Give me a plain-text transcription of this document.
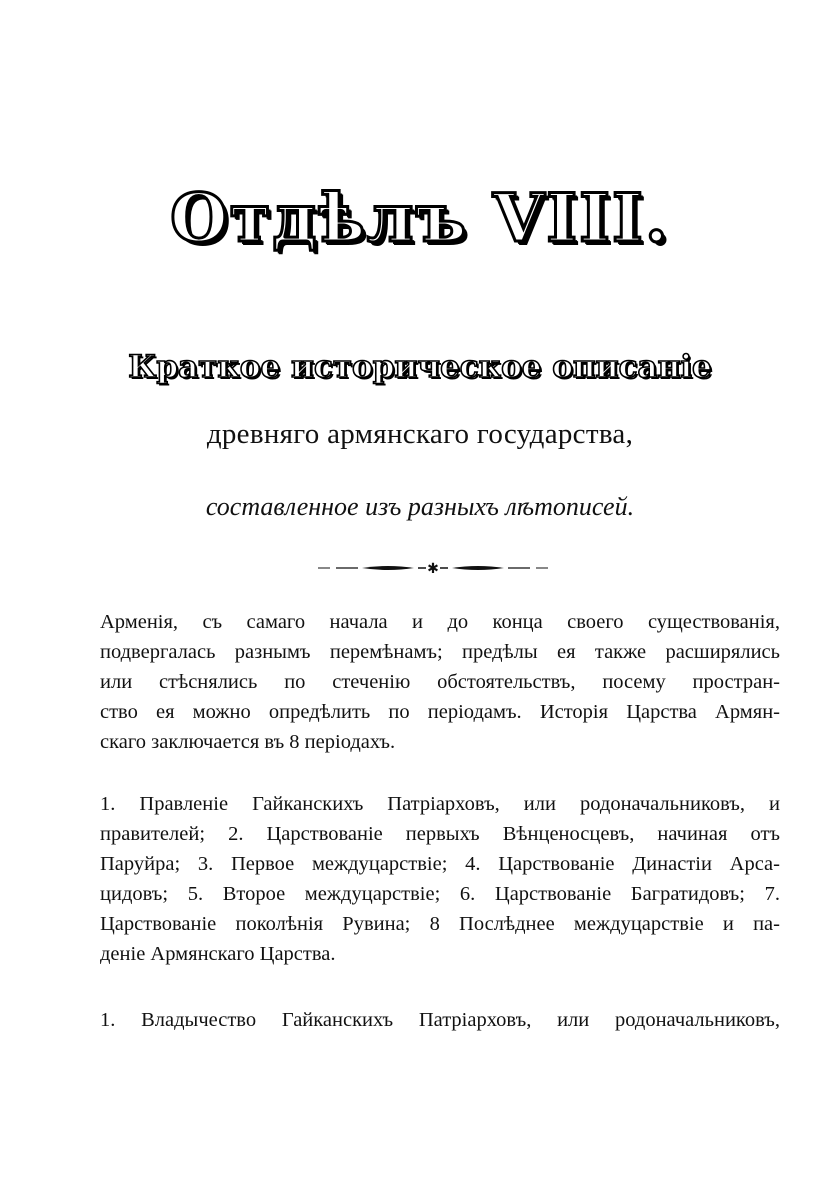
Отдѣлъ VIII.
Краткое историческое описаніе
древняго армянскаго государства,
составленное изъ разныхъ лѣтописей.
✱
Арменія, съ самаго начала и до конца своего существованія,
подвергалась разнымъ перемѣнамъ; предѣлы ея также расширялись
или стѣснялись по стеченію обстоятельствъ, посему простран-
ство ея можно опредѣлить по періодамъ. Исторія Царства Армян-
скаго заключается въ 8 періодахъ.
1. Правленіе Гайканскихъ Патріарховъ, или родоначальниковъ, и
правителей; 2. Царствованіе первыхъ Вѣнценосцевъ, начиная отъ
Паруйра; 3. Первое междуцарствіе; 4. Царствованіе Династіи Арса-
цидовъ; 5. Второе междуцарствіе; 6. Царствованіе Багратидовъ; 7.
Царствованіе поколѣнія Рувина; 8 Послѣднее междуцарствіе и па-
деніе Армянскаго Царства.
1. Владычество Гайканскихъ Патріарховъ, или родоначальниковъ,
